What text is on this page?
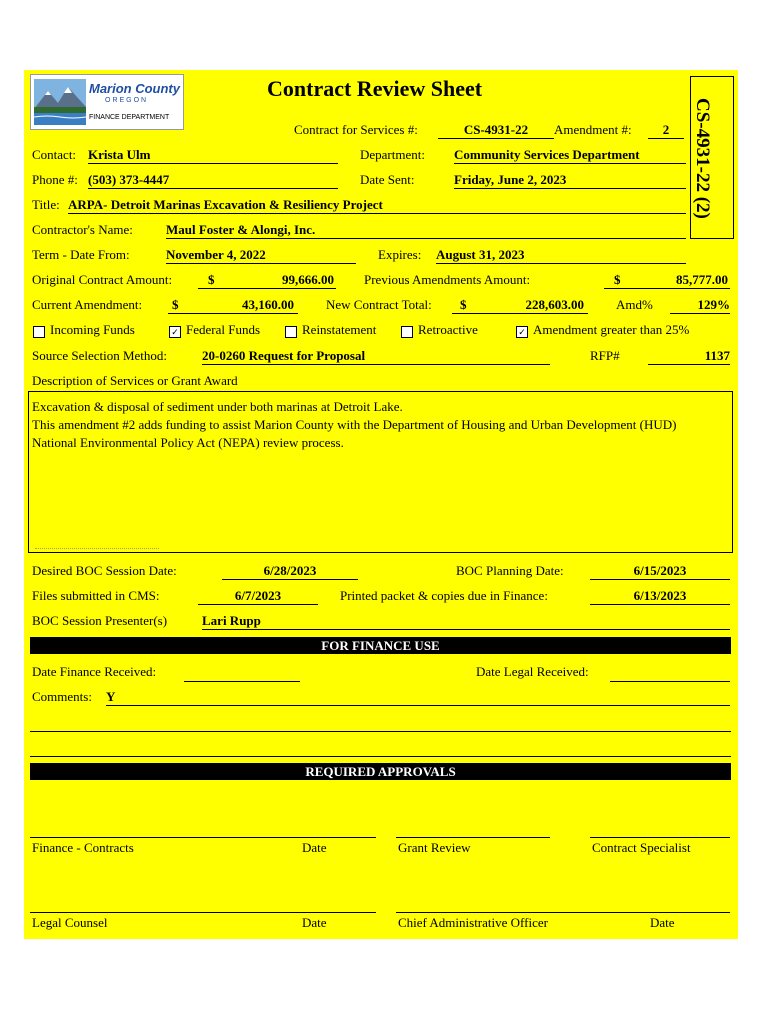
Marion County
OREGON
FINANCE DEPARTMENT
Contract Review Sheet
Contract for Services #:	CS-4931-22	Amendment #:	2	CS-4931-22 (2)
Contact: Krista Ulm	Department: Community Services Department
Phone #: (503) 373-4447	Date Sent:	Friday, June 2, 2023
Title: ARPA- Detroit Marinas Excavation & Resiliency Project
Contractor's Name:	Maul Foster & Alongi, Inc.
Term - Date From:	November 4, 2022	Expires: August 31, 2023
Original Contract Amount:	$	99,666.00 Previous Amendments Amount:	$	85,777.00
Current Amendment: $	43,160.00 New Contract Total: $	228,603.00 Amd%	129%
Incoming Funds	✓ Federal Funds	Reinstatement	Retroactive	✓ Amendment greater than 25%
Source Selection Method:	20-0260 Request for Proposal	RFP#	1137
Description of Services or Grant Award
Excavation & disposal of sediment under both marinas at Detroit Lake.
This amendment #2 adds funding to assist Marion County with the Department of Housing and Urban Development (HUD)
National Environmental Policy Act (NEPA) review process.
Desired BOC Session Date:	6/28/2023	BOC Planning Date:	6/15/2023
Files submitted in CMS:	6/7/2023	Printed packet & copies due in Finance:	6/13/2023
BOC Session Presenter(s)	Lari Rupp
FOR FINANCE USE
Date Finance Received:	Date Legal Received:
Comments: Y
REQUIRED APPROVALS
Finance - Contracts	Date	Grant Review	Contract Specialist
Legal Counsel	Date	Chief Administrative Officer	Date
